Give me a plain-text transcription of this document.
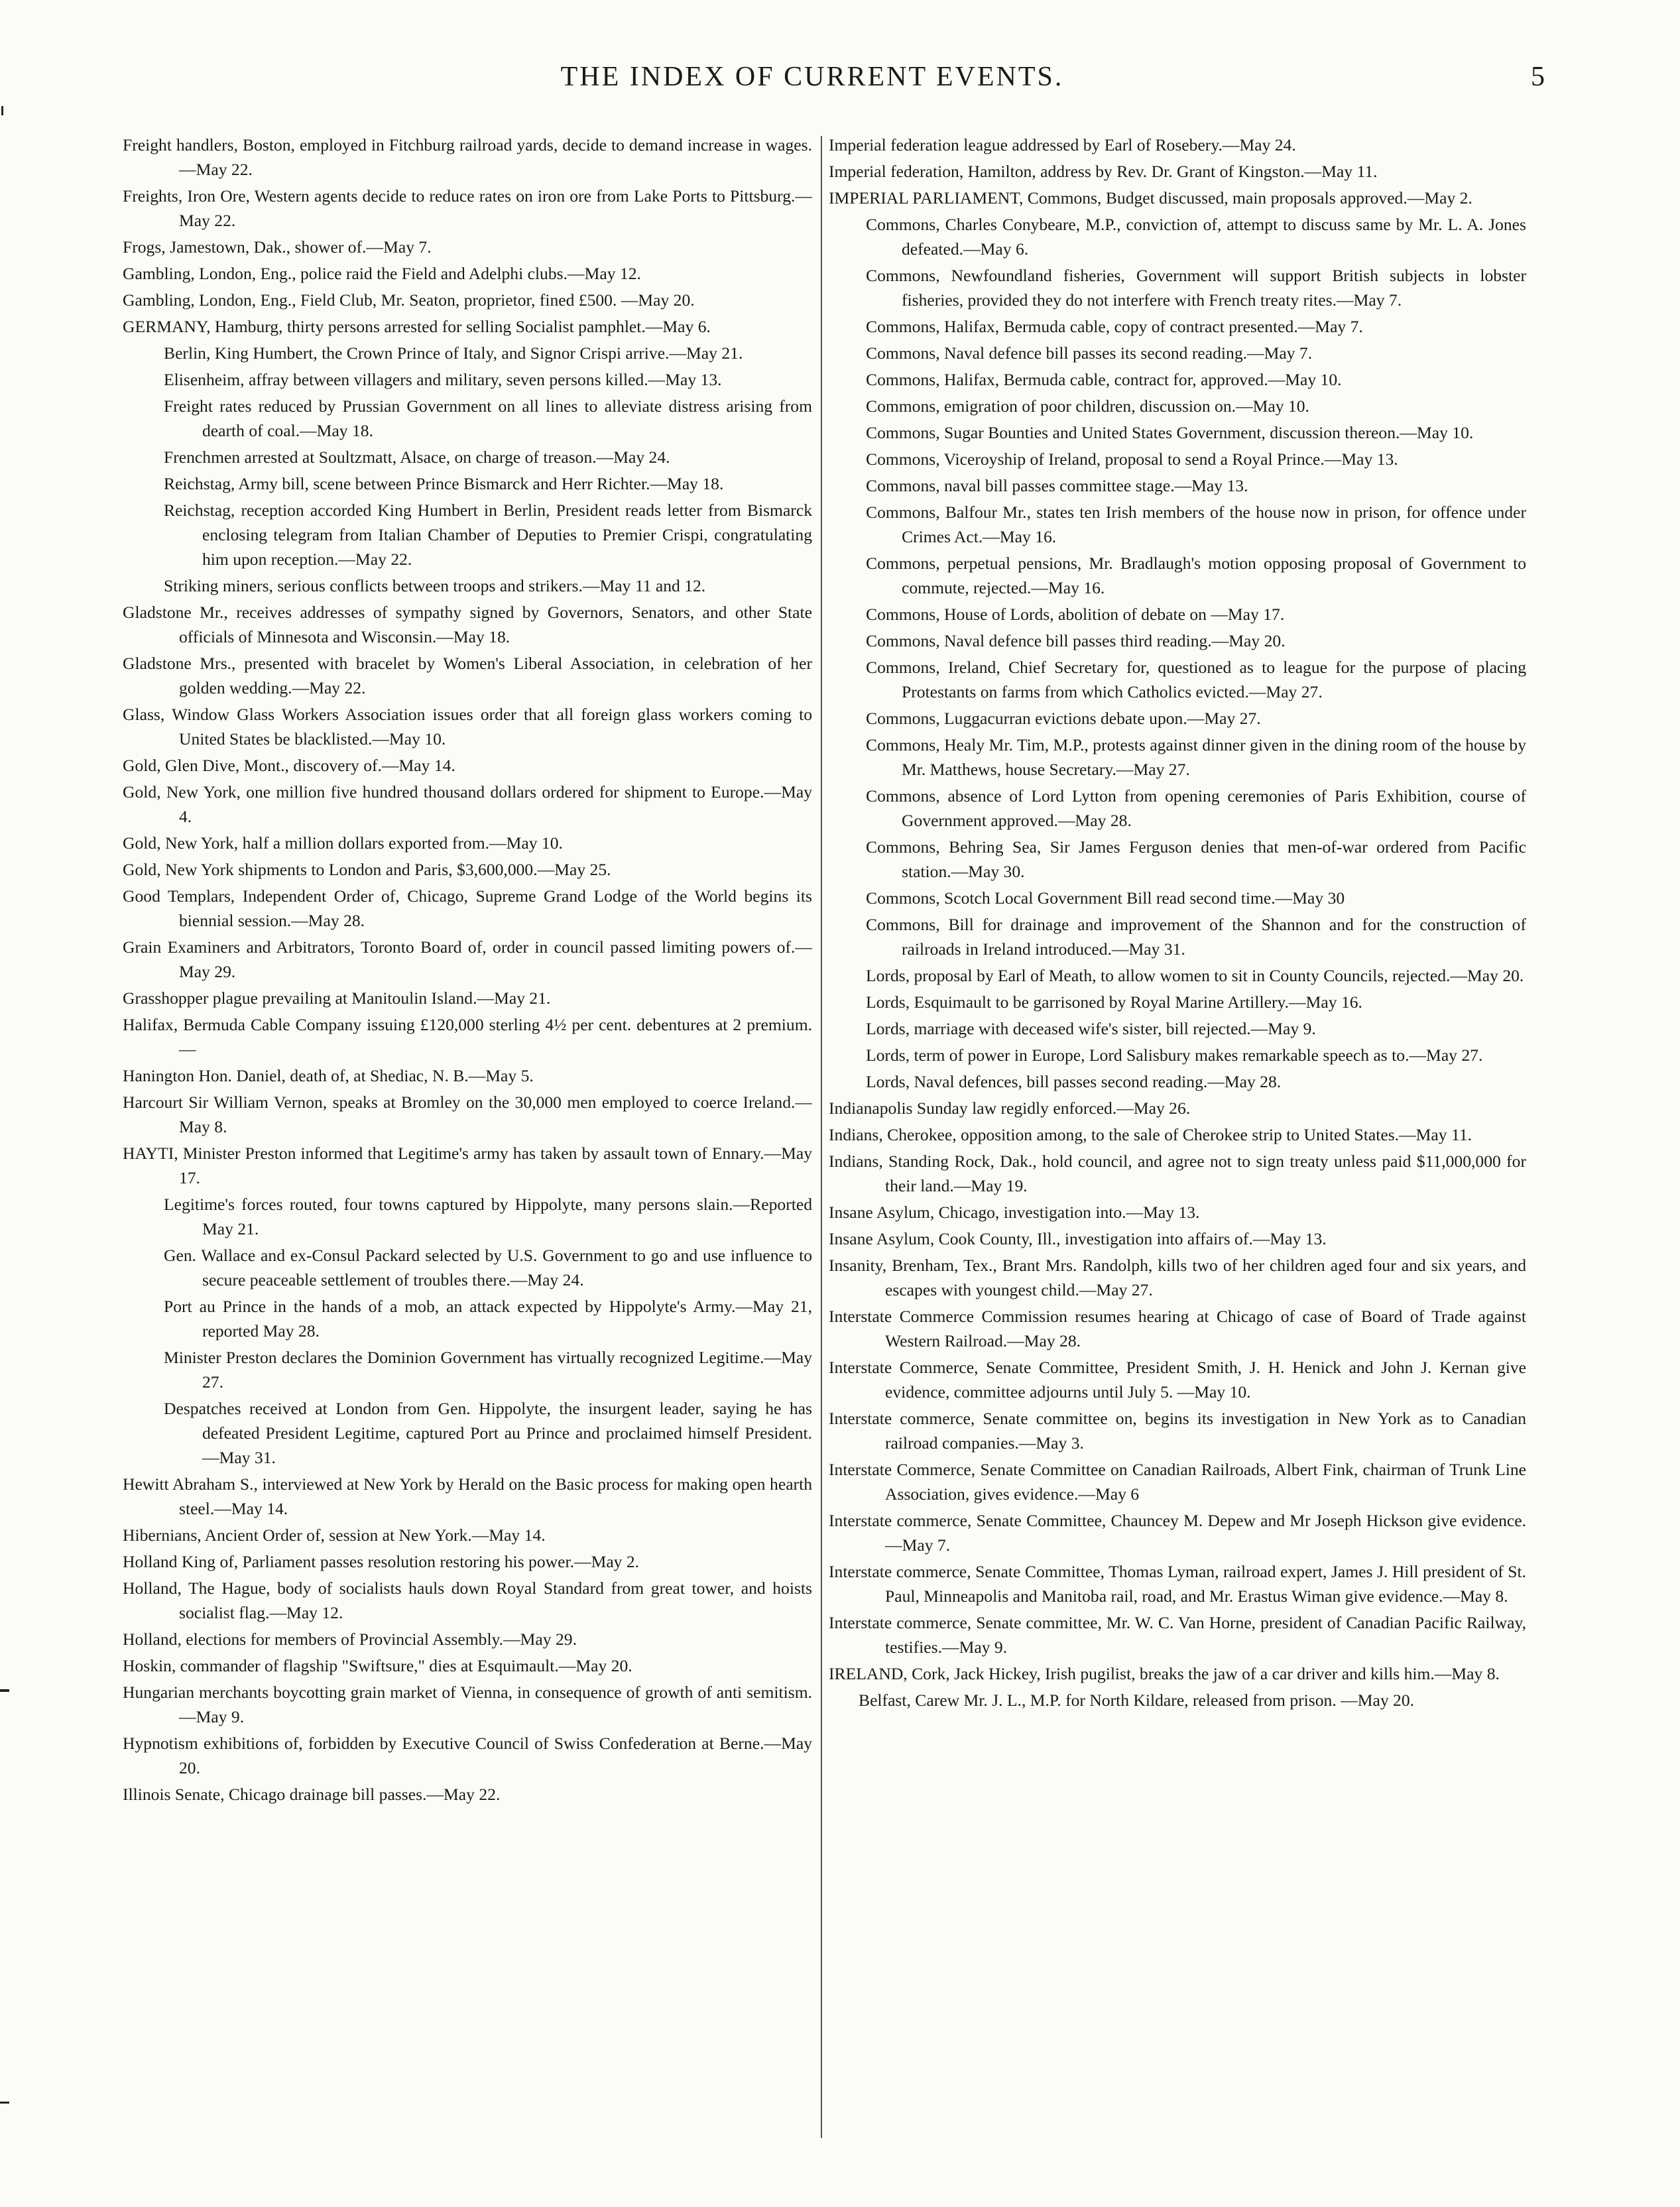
THE INDEX OF CURRENT EVENTS.	5

Freight handlers, Boston, employed in Fitchburg railroad yards, decide to demand increase in wages.—May 22.

Freights, Iron Ore, Western agents decide to reduce rates on iron ore from Lake Ports to Pittsburg.—May 22.

Frogs, Jamestown, Dak., shower of.—May 7.

Gambling, London, Eng., police raid the Field and Adelphi clubs.—May 12.

Gambling, London, Eng., Field Club, Mr. Seaton, proprietor, fined £500. —May 20.

GERMANY, Hamburg, thirty persons arrested for selling Socialist pamphlet.—May 6.

Berlin, King Humbert, the Crown Prince of Italy, and Signor Crispi arrive.—May 21.

Elisenheim, affray between villagers and military, seven persons killed.—May 13.

Freight rates reduced by Prussian Government on all lines to alleviate distress arising from dearth of coal.—May 18.

Frenchmen arrested at Soultzmatt, Alsace, on charge of treason.—May 24.

Reichstag, Army bill, scene between Prince Bismarck and Herr Richter.—May 18.

Reichstag, reception accorded King Humbert in Berlin, President reads letter from Bismarck enclosing telegram from Italian Chamber of Deputies to Premier Crispi, congratulating him upon reception.—May 22.

Striking miners, serious conflicts between troops and strikers.—May 11 and 12.

Gladstone Mr., receives addresses of sympathy signed by Governors, Senators, and other State officials of Minnesota and Wisconsin.—May 18.

Gladstone Mrs., presented with bracelet by Women's Liberal Association, in celebration of her golden wedding.—May 22.

Glass, Window Glass Workers Association issues order that all foreign glass workers coming to United States be blacklisted.—May 10.

Gold, Glen Dive, Mont., discovery of.—May 14.

Gold, New York, one million five hundred thousand dollars ordered for shipment to Europe.—May 4.

Gold, New York, half a million dollars exported from.—May 10.

Gold, New York shipments to London and Paris, $3,600,000.—May 25.

Good Templars, Independent Order of, Chicago, Supreme Grand Lodge of the World begins its biennial session.—May 28.

Grain Examiners and Arbitrators, Toronto Board of, order in council passed limiting powers of.—May 29.

Grasshopper plague prevailing at Manitoulin Island.—May 21.

Halifax, Bermuda Cable Company issuing £120,000 sterling 4½ per cent. debentures at 2 premium.—

Hanington Hon. Daniel, death of, at Shediac, N. B.—May 5.

Harcourt Sir William Vernon, speaks at Bromley on the 30,000 men employed to coerce Ireland.—May 8.

HAYTI, Minister Preston informed that Legitime's army has taken by assault town of Ennary.—May 17.

Legitime's forces routed, four towns captured by Hippolyte, many persons slain.—Reported May 21.

Gen. Wallace and ex-Consul Packard selected by U.S. Government to go and use influence to secure peaceable settlement of troubles there.—May 24.

Port au Prince in the hands of a mob, an attack expected by Hippolyte's Army.—May 21, reported May 28.

Minister Preston declares the Dominion Government has virtually recognized Legitime.—May 27.

Despatches received at London from Gen. Hippolyte, the insurgent leader, saying he has defeated President Legitime, captured Port au Prince and proclaimed himself President.—May 31.

Hewitt Abraham S., interviewed at New York by Herald on the Basic process for making open hearth steel.—May 14.

Hibernians, Ancient Order of, session at New York.—May 14.

Holland King of, Parliament passes resolution restoring his power.—May 2.

Holland, The Hague, body of socialists hauls down Royal Standard from great tower, and hoists socialist flag.—May 12.

Holland, elections for members of Provincial Assembly.—May 29.

Hoskin, commander of flagship "Swiftsure," dies at Esquimault.—May 20.

Hungarian merchants boycotting grain market of Vienna, in consequence of growth of anti semitism.—May 9.

Hypnotism exhibitions of, forbidden by Executive Council of Swiss Confederation at Berne.—May 20.

Illinois Senate, Chicago drainage bill passes.—May 22.

Imperial federation league addressed by Earl of Rosebery.—May 24.

Imperial federation, Hamilton, address by Rev. Dr. Grant of Kingston.—May 11.

IMPERIAL PARLIAMENT, Commons, Budget discussed, main proposals approved.—May 2.

Commons, Charles Conybeare, M.P., conviction of, attempt to discuss same by Mr. L. A. Jones defeated.—May 6.

Commons, Newfoundland fisheries, Government will support British subjects in lobster fisheries, provided they do not interfere with French treaty rites.—May 7.

Commons, Halifax, Bermuda cable, copy of contract presented.—May 7.

Commons, Naval defence bill passes its second reading.—May 7.

Commons, Halifax, Bermuda cable, contract for, approved.—May 10.

Commons, emigration of poor children, discussion on.—May 10.

Commons, Sugar Bounties and United States Government, discussion thereon.—May 10.

Commons, Viceroyship of Ireland, proposal to send a Royal Prince.—May 13.

Commons, naval bill passes committee stage.—May 13.

Commons, Balfour Mr., states ten Irish members of the house now in prison, for offence under Crimes Act.—May 16.

Commons, perpetual pensions, Mr. Bradlaugh's motion opposing proposal of Government to commute, rejected.—May 16.

Commons, House of Lords, abolition of debate on —May 17.

Commons, Naval defence bill passes third reading.—May 20.

Commons, Ireland, Chief Secretary for, questioned as to league for the purpose of placing Protestants on farms from which Catholics evicted.—May 27.

Commons, Luggacurran evictions debate upon.—May 27.

Commons, Healy Mr. Tim, M.P., protests against dinner given in the dining room of the house by Mr. Matthews, house Secretary.—May 27.

Commons, absence of Lord Lytton from opening ceremonies of Paris Exhibition, course of Government approved.—May 28.

Commons, Behring Sea, Sir James Ferguson denies that men-of-war ordered from Pacific station.—May 30.

Commons, Scotch Local Government Bill read second time.—May 30

Commons, Bill for drainage and improvement of the Shannon and for the construction of railroads in Ireland introduced.—May 31.

Lords, proposal by Earl of Meath, to allow women to sit in County Councils, rejected.—May 20.

Lords, Esquimault to be garrisoned by Royal Marine Artillery.—May 16.

Lords, marriage with deceased wife's sister, bill rejected.—May 9.

Lords, term of power in Europe, Lord Salisbury makes remarkable speech as to.—May 27.

Lords, Naval defences, bill passes second reading.—May 28.

Indianapolis Sunday law regidly enforced.—May 26.

Indians, Cherokee, opposition among, to the sale of Cherokee strip to United States.—May 11.

Indians, Standing Rock, Dak., hold council, and agree not to sign treaty unless paid $11,000,000 for their land.—May 19.

Insane Asylum, Chicago, investigation into.—May 13.

Insane Asylum, Cook County, Ill., investigation into affairs of.—May 13.

Insanity, Brenham, Tex., Brant Mrs. Randolph, kills two of her children aged four and six years, and escapes with youngest child.—May 27.

Interstate Commerce Commission resumes hearing at Chicago of case of Board of Trade against Western Railroad.—May 28.

Interstate Commerce, Senate Committee, President Smith, J. H. Henick and John J. Kernan give evidence, committee adjourns until July 5. —May 10.

Interstate commerce, Senate committee on, begins its investigation in New York as to Canadian railroad companies.—May 3.

Interstate Commerce, Senate Committee on Canadian Railroads, Albert Fink, chairman of Trunk Line Association, gives evidence.—May 6

Interstate commerce, Senate Committee, Chauncey M. Depew and Mr Joseph Hickson give evidence.—May 7.

Interstate commerce, Senate Committee, Thomas Lyman, railroad expert, James J. Hill president of St. Paul, Minneapolis and Manitoba rail, road, and Mr. Erastus Wiman give evidence.—May 8.

Interstate commerce, Senate committee, Mr. W. C. Van Horne, president of Canadian Pacific Railway, testifies.—May 9.

IRELAND, Cork, Jack Hickey, Irish pugilist, breaks the jaw of a car driver and kills him.—May 8.

Belfast, Carew Mr. J. L., M.P. for North Kildare, released from prison. —May 20.
